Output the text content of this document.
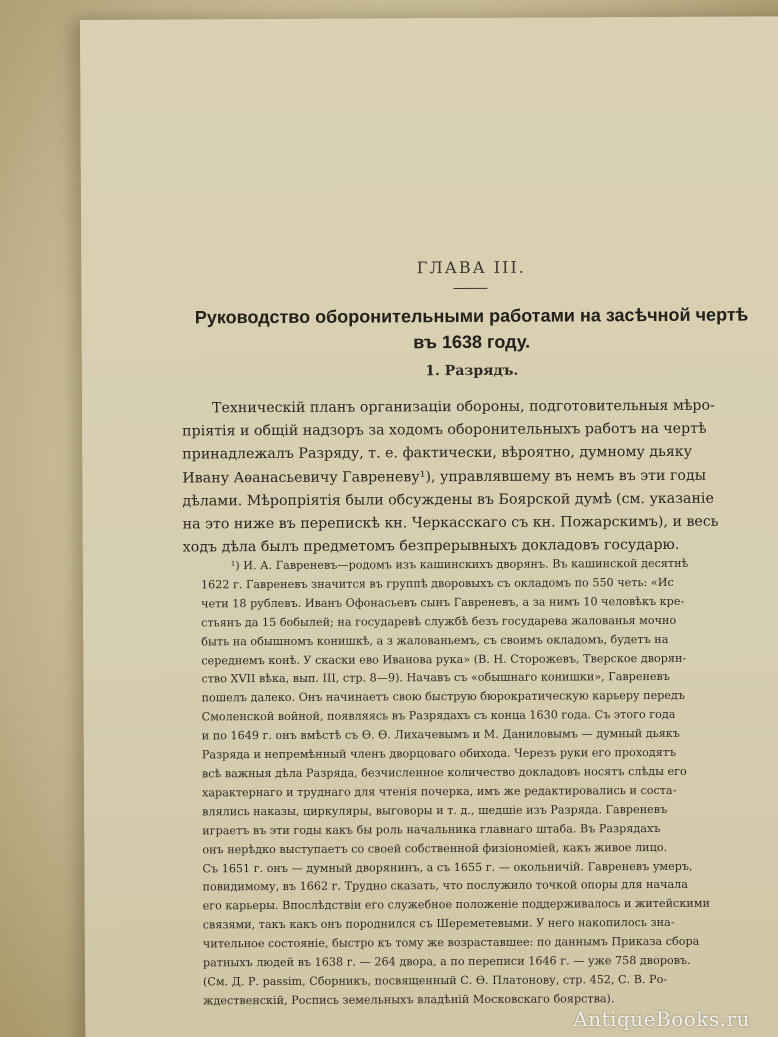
ГЛАВА III.
Руководство оборонительными работами на засѣчной чертѣ
въ 1638 году.
1. Разрядъ.
Техническій планъ организаціи обороны, подготовительныя мѣро-
пріятія и общій надзоръ за ходомъ оборонительныхъ работъ на чертѣ
принадлежалъ Разряду, т. е. фактически, вѣроятно, думному дьяку
Ивану Аѳанасьевичу Гавреневу¹), управлявшему въ немъ въ эти годы
дѣлами. Мѣропріятія были обсуждены въ Боярской думѣ (см. указаніе
на это ниже въ перепискѣ кн. Черкасскаго съ кн. Пожарскимъ), и весь
ходъ дѣла былъ предметомъ безпрерывныхъ докладовъ государю.
¹) И. А. Гавреневъ—родомъ изъ кашинскихъ дворянъ. Въ кашинской десятнѣ
1622 г. Гавреневъ значится въ группѣ дворовыхъ съ окладомъ по 550 четь: «Ис
чети 18 рублевъ. Иванъ Офонасьевъ сынъ Гавреневъ, а за нимъ 10 человѣкъ кре-
стьянъ да 15 бобылей; на государевѣ службѣ безъ государева жалованья мочно
быть на обышномъ конишкѣ, а з жалованьемъ, съ своимъ окладомъ, будетъ на
середнемъ конѣ. У скаски ево Иванова рука» (В. Н. Сторожевъ, Тверское дворян-
ство XVII вѣка, вып. III, стр. 8—9). Начавъ съ «обышнаго конишки», Гавреневъ
пошелъ далеко. Онъ начинаетъ свою быструю бюрократическую карьеру передъ
Смоленской войной, появляясь въ Разрядахъ съ конца 1630 года. Съ этого года
и по 1649 г. онъ вмѣстѣ съ Ѳ. Ѳ. Лихачевымъ и М. Даниловымъ — думный дьякъ
Разряда и непремѣнный членъ дворцоваго обихода. Черезъ руки его проходятъ
всѣ важныя дѣла Разряда, безчисленное количество докладовъ носятъ слѣды его
характернаго и труднаго для чтенія почерка, имъ же редактировались и соста-
влялись наказы, циркуляры, выговоры и т. д., шедшіе изъ Разряда. Гавреневъ
играетъ въ эти годы какъ бы роль начальника главнаго штаба. Въ Разрядахъ
онъ нерѣдко выступаетъ со своей собственной физіономіей, какъ живое лицо.
Съ 1651 г. онъ — думный дворянинъ, а съ 1655 г. — окольничій. Гавреневъ умеръ,
повидимому, въ 1662 г. Трудно сказать, что послужило точкой опоры для начала
его карьеры. Впослѣдствіи его служебное положеніе поддерживалось и житейскими
связями, такъ какъ онъ породнился съ Шереметевыми. У него накопилось зна-
чительное состояніе, быстро къ тому же возраставшее: по даннымъ Приказа сбора
ратныхъ людей въ 1638 г. — 264 двора, а по переписи 1646 г. — уже 758 дворовъ.
(См. Д. Р. passim, Сборникъ, посвященный С. Ѳ. Платонову, стр. 452, С. В. Ро-
ждественскій, Роспись земельныхъ владѣній Московскаго боярства).
AntiqueBooks.ru
